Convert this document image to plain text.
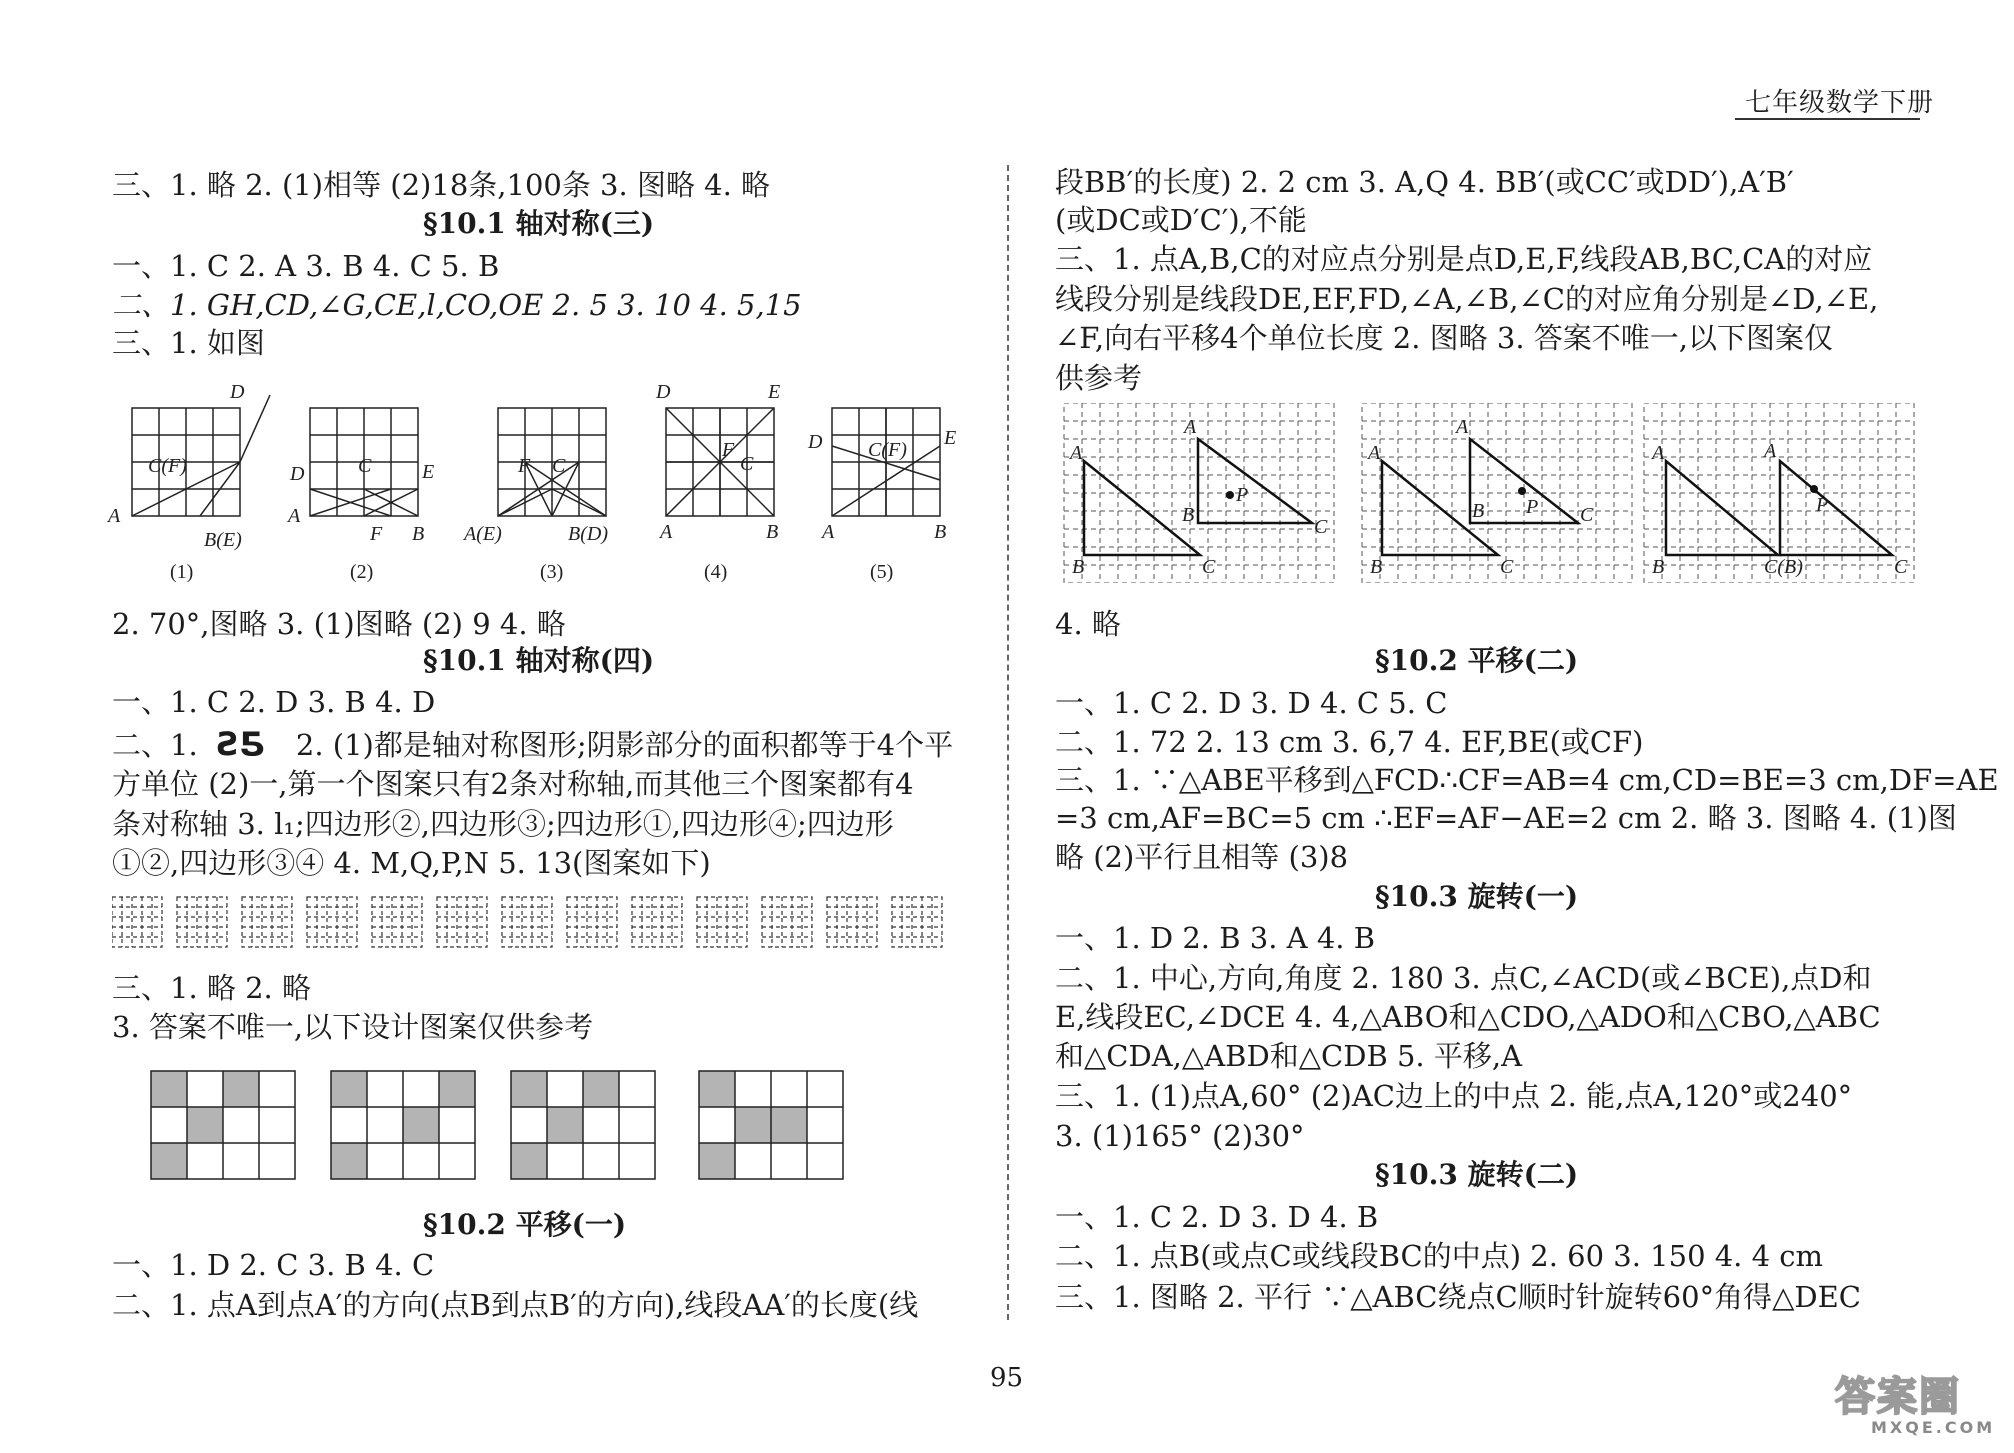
七年级数学下册
三、1. 略 2. (1)相等 (2)18条,100条 3. 图略 4. 略
§10.1 轴对称(三)
一、1. C 2. A 3. B 4. C 5. B
二、1. GH,CD,∠G,CE,l,CO,OE 2. 5 3. 10 4. 5,15
三、1. 如图
D
C(F)
A
B(E)
D	C	E
A
F B
F C
A(E)	B(D)
D	E
F
C
A	B
D C(F)
E
A	B
(1)	(2)	(3)	(4)	(5)
2. 70°,图略 3. (1)图略 (2) 9 4. 略
§10.1 轴对称(四)
一、1. C 2. D 3. B 4. D
二、1. ƧƼ 2. (1)都是轴对称图形;阴影部分的面积都等于4个平
方单位 (2)一,第一个图案只有2条对称轴,而其他三个图案都有4
条对称轴 3. l₁;四边形②,四边形③;四边形①,四边形④;四边形
①②,四边形③④ 4. M,Q,P,N 5. 13(图案如下)
三、1. 略 2. 略
3. 答案不唯一,以下设计图案仅供参考
§10.2 平移(一)
一、1. D 2. C 3. B 4. C
二、1. 点A到点A′的方向(点B到点B′的方向),线段AA′的长度(线
段BB′的长度) 2. 2 cm 3. A,Q 4. BB′(或CC′或DD′),A′B′
(或DC或D′C′),不能
三、1. 点A,B,C的对应点分别是点D,E,F,线段AB,BC,CA的对应
线段分别是线段DE,EF,FD,∠A,∠B,∠C的对应角分别是∠D,∠E,
∠F,向右平移4个单位长度 2. 图略 3. 答案不唯一,以下图案仅
供参考
A
A
B
B
C
C
P
A
A
B
B
C
C
P
A	A
B	C(B)	C
P
4. 略
§10.2 平移(二)
一、1. C 2. D 3. D 4. C 5. C
二、1. 72 2. 13 cm 3. 6,7 4. EF,BE(或CF)
三、1. ∵△ABE平移到△FCD∴CF=AB=4 cm,CD=BE=3 cm,DF=AE
=3 cm,AF=BC=5 cm ∴EF=AF−AE=2 cm 2. 略 3. 图略 4. (1)图
略 (2)平行且相等 (3)8
§10.3 旋转(一)
一、1. D 2. B 3. A 4. B
二、1. 中心,方向,角度 2. 180 3. 点C,∠ACD(或∠BCE),点D和
E,线段EC,∠DCE 4. 4,△ABO和△CDO,△ADO和△CBO,△ABC
和△CDA,△ABD和△CDB 5. 平移,A
三、1. (1)点A,60° (2)AC边上的中点 2. 能,点A,120°或240°
3. (1)165° (2)30°
§10.3 旋转(二)
一、1. C 2. D 3. D 4. B
二、1. 点B(或点C或线段BC的中点) 2. 60 3. 150 4. 4 cm
三、1. 图略 2. 平行 ∵△ABC绕点C顺时针旋转60°角得△DEC
95	答案圈
MXQE.COM
